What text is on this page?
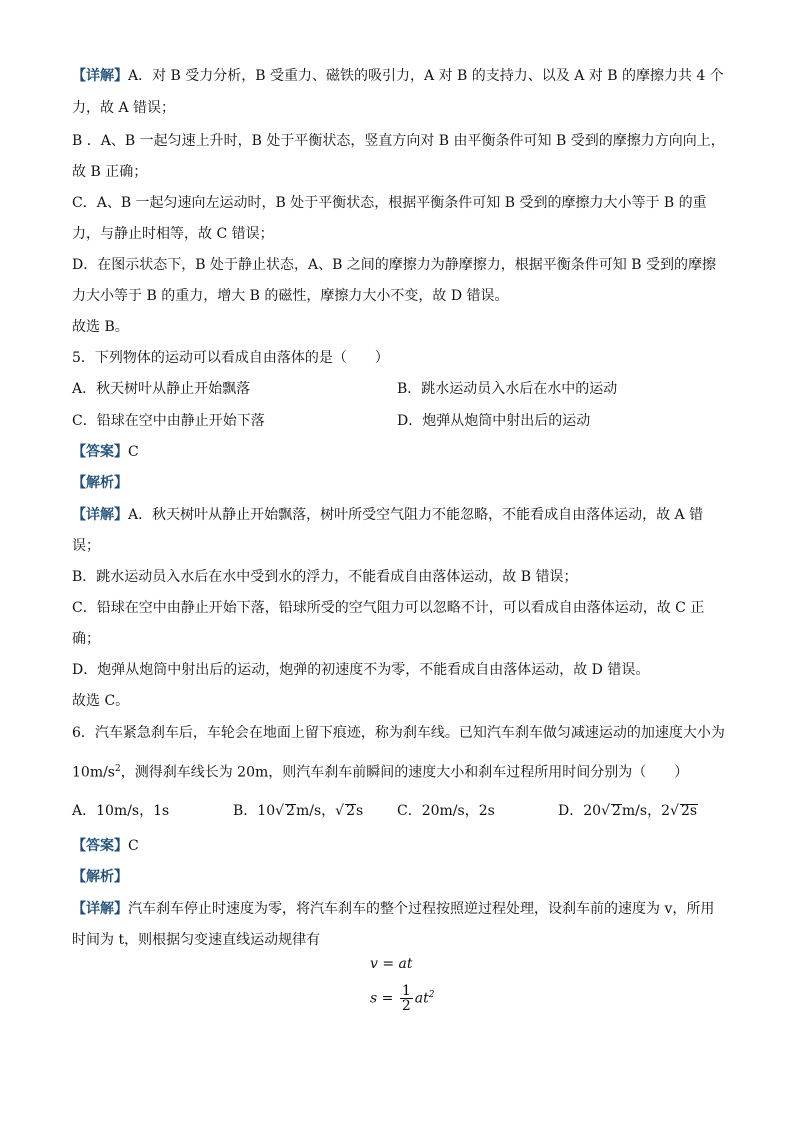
【详解】A．对 B 受力分析，B 受重力、磁铁的吸引力，A 对 B 的支持力、以及 A 对 B 的摩擦力共 4 个
力，故 A 错误；
B ．A、B 一起匀速上升时，B 处于平衡状态，竖直方向对 B 由平衡条件可知 B 受到的摩擦力方向向上，
故 B 正确；
C．A、B 一起匀速向左运动时，B 处于平衡状态，根据平衡条件可知 B 受到的摩擦力大小等于 B 的重
力，与静止时相等，故 C 错误；
D．在图示状态下，B 处于静止状态，A、B 之间的摩擦力为静摩擦力，根据平衡条件可知 B 受到的摩擦
力大小等于 B 的重力，增大 B 的磁性，摩擦力大小不变，故 D 错误。
故选 B。
5．下列物体的运动可以看成自由落体的是（　　）
A．秋天树叶从静止开始飘落	B．跳水运动员入水后在水中的运动
C．铅球在空中由静止开始下落	D．炮弹从炮筒中射出后的运动
【答案】C
【解析】
【详解】A．秋天树叶从静止开始飘落，树叶所受空气阻力不能忽略，不能看成自由落体运动，故 A 错
误；
B．跳水运动员入水后在水中受到水的浮力，不能看成自由落体运动，故 B 错误；
C．铅球在空中由静止开始下落，铅球所受的空气阻力可以忽略不计，可以看成自由落体运动，故 C 正
确；
D．炮弹从炮筒中射出后的运动，炮弹的初速度不为零，不能看成自由落体运动，故 D 错误。
故选 C。
6．汽车紧急刹车后，车轮会在地面上留下痕迹，称为刹车线。已知汽车刹车做匀减速运动的加速度大小为
$10m/s^2$，测得刹车线长为 20m，则汽车刹车前瞬间的速度大小和刹车过程所用时间分别为（　　）
A．10m/s，1s	B．10√ 2m/s，√ 2s C．20m/s，2s	D．20√ 2m/s，2√ 2s
【答案】C
【解析】
【详解】汽车刹车停止时速度为零，将汽车刹车的整个过程按照逆过程处理，设刹车前的速度为 v，所用
时间为 t，则根据匀变速直线运动规律有
v = at
$s = \frac{1}{2} at^2$
